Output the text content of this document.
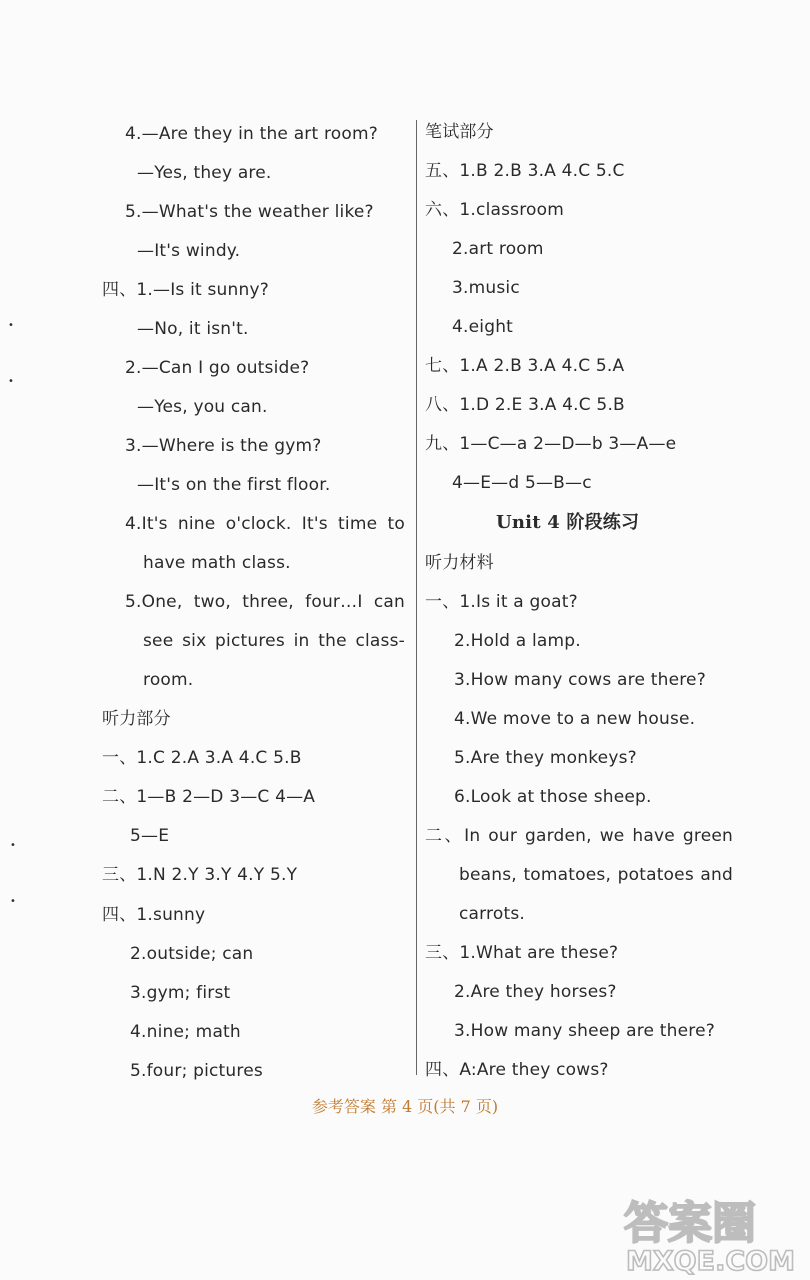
4.—Are they in the art room?
—Yes, they are.
5.—What's the weather like?
—It's windy.
四、1.—Is it sunny?
—No, it isn't.
2.—Can I go outside?
—Yes, you can.
3.—Where is the gym?
—It's on the first floor.
4.It's nine o'clock. It's time to
have math class.
5.One, two, three, four…I can
see six pictures in the class-
room.
听力部分
一、1.C 2.A 3.A 4.C 5.B
二、1—B 2—D 3—C 4—A
5—E
三、1.N 2.Y 3.Y 4.Y 5.Y
四、1.sunny
2.outside; can
3.gym; first
4.nine; math
5.four; pictures
笔试部分
五、1.B 2.B 3.A 4.C 5.C
六、1.classroom
2.art room
3.music
4.eight
七、1.A 2.B 3.A 4.C 5.A
八、1.D 2.E 3.A 4.C 5.B
九、1—C—a 2—D—b 3—A—e
4—E—d 5—B—c
Unit 4 阶段练习
听力材料
一、1.Is it a goat?
2.Hold a lamp.
3.How many cows are there?
4.We move to a new house.
5.Are they monkeys?
6.Look at those sheep.
二、In our garden, we have green
beans, tomatoes, potatoes and
carrots.
三、1.What are these?
2.Are they horses?
3.How many sheep are there?
四、A:Are they cows?
参考答案 第 4 页(共 7 页)
•
•
•
•
答案圈
MXQE.COM
